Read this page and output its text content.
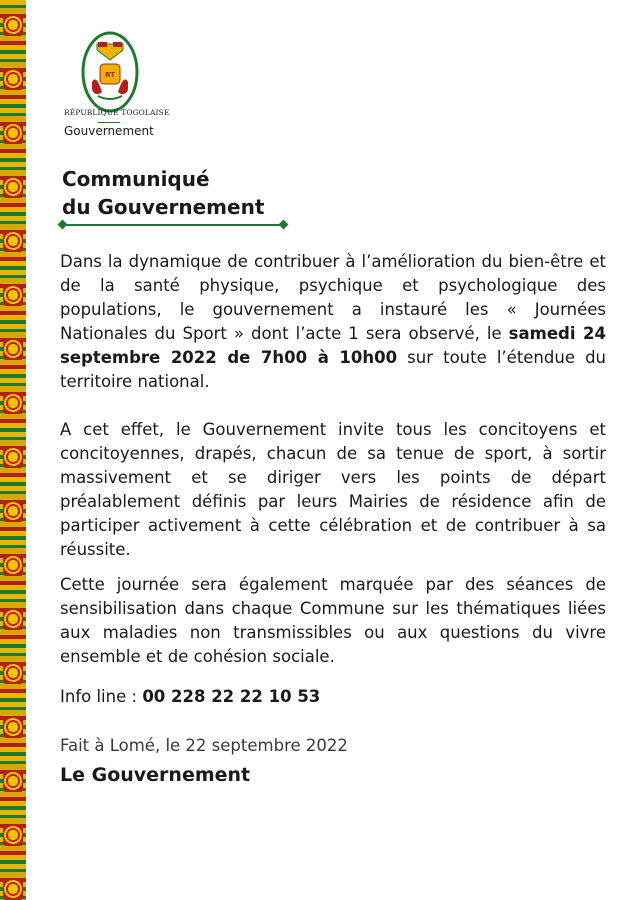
RT
RÉPUBLIQUE TOGOLAISE
Gouvernement
Communiqué
du Gouvernement
Dans la dynamique de contribuer à l’amélioration du bien-être et de la santé physique, psychique et psychologique des populations, le gouvernement a instauré les « Journées Nationales du Sport » dont l’acte 1 sera observé, le samedi 24 septembre 2022 de 7h00 à 10h00 sur toute l’étendue du territoire national.
A cet effet, le Gouvernement invite tous les concitoyens et concitoyennes, drapés, chacun de sa tenue de sport, à sortir massivement et se diriger vers les points de départ préalablement définis par leurs Mairies de résidence afin de participer activement à cette célébration et de contribuer à sa réussite.
Cette journée sera également marquée par des séances de sensibilisation dans chaque Commune sur les thématiques liées aux maladies non transmissibles ou aux questions du vivre ensemble et de cohésion sociale.
Info line : 00 228 22 22 10 53
Fait à Lomé, le 22 septembre 2022
Le Gouvernement
